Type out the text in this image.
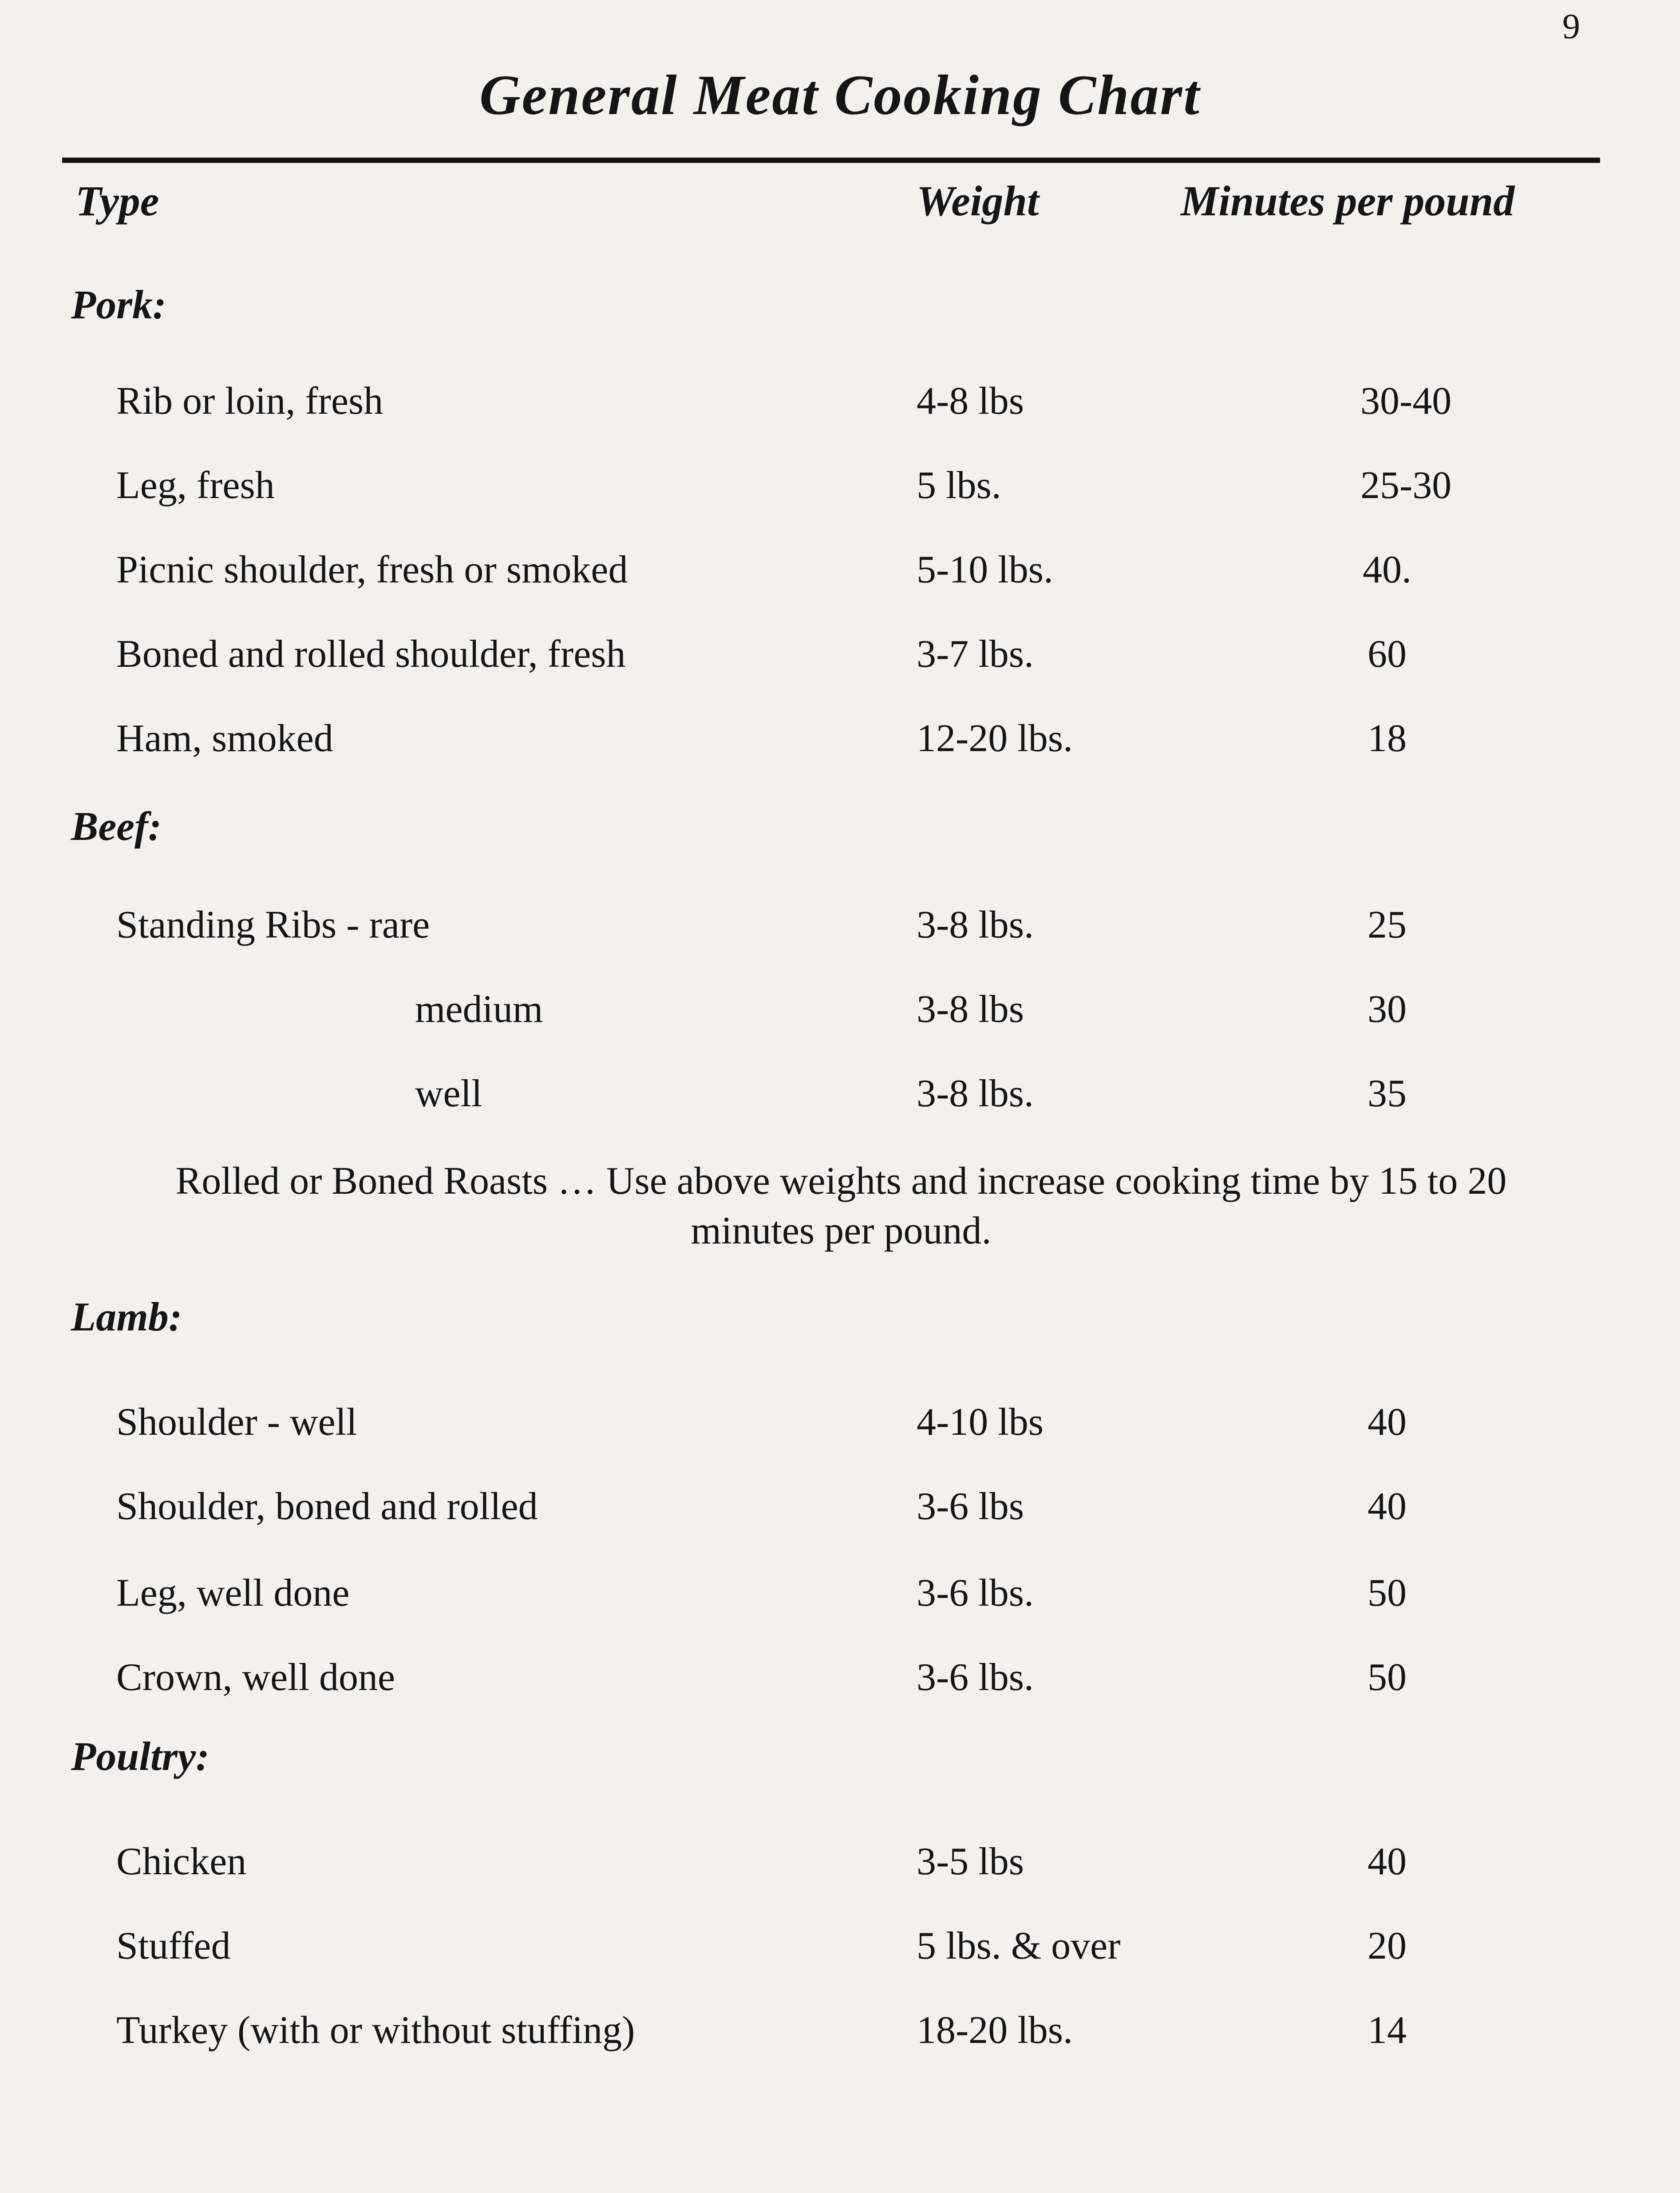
9
General Meat Cooking Chart
Type	Weight	Minutes per pound
Pork:
Rib or loin, fresh	4-8 lbs	30-40
Leg, fresh	5 lbs.	25-30
Picnic shoulder, fresh or smoked	5-10 lbs.	40.
Boned and rolled shoulder, fresh	3-7 lbs.	60
Ham, smoked	12-20 lbs.	18
Beef:
Standing Ribs - rare	3-8 lbs.	25
medium	3-8 lbs	30
well	3-8 lbs.	35
Rolled or Boned Roasts … Use above weights and increase cooking time by 15 to 20 minutes per pound.
Lamb:
Shoulder - well	4-10 lbs	40
Shoulder, boned and rolled	3-6 lbs	40
Leg, well done	3-6 lbs.	50
Crown, well done	3-6 lbs.	50
Poultry:
Chicken	3-5 lbs	40
Stuffed	5 lbs. & over	20
Turkey (with or without stuffing)	18-20 lbs.	14
